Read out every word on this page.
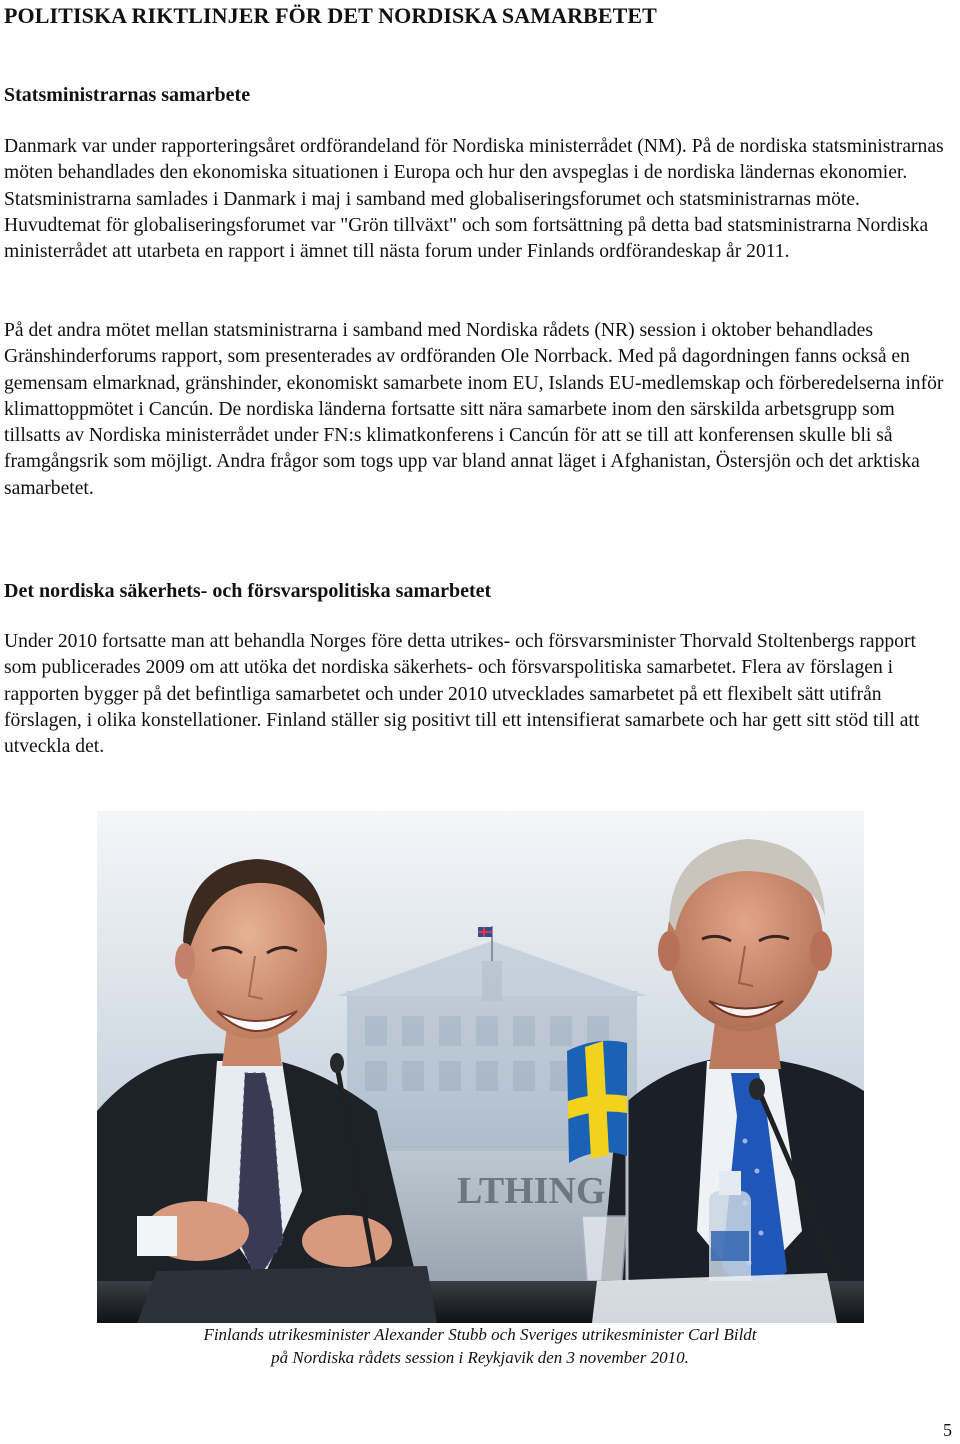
POLITISKA RIKTLINJER FÖR DET NORDISKA SAMARBETET
Statsministrarnas samarbete

Danmark var under rapporteringsåret ordförandeland för Nordiska ministerrådet (NM). På de nordiska statsministrarnas möten behandlades den ekonomiska situationen i Europa och hur den avspeglas i de nordiska ländernas ekonomier. Statsministrarna samlades i Danmark i maj i samband med globaliseringsforumet och statsministrarnas möte. Huvudtemat för globaliseringsforumet var "Grön tillväxt" och som fortsättning på detta bad statsministrarna Nordiska ministerrådet att utarbeta en rapport i ämnet till nästa forum under Finlands ordförandeskap år 2011.

På det andra mötet mellan statsministrarna i samband med Nordiska rådets (NR) session i oktober behandlades Gränshinderforums rapport, som presenterades av ordföranden Ole Norrback. Med på dagordningen fanns också en gemensam elmarknad, gränshinder, ekonomiskt samarbete inom EU, Islands EU-medlemskap och förberedelserna inför klimattoppmötet i Cancún. De nordiska länderna fortsatte sitt nära samarbete inom den särskilda arbetsgrupp som tillsatts av Nordiska ministerrådet under FN:s klimatkonferens i Cancún för att se till att konferensen skulle bli så framgångsrik som möjligt. Andra frågor som togs upp var bland annat läget i Afghanistan, Östersjön och det arktiska samarbetet.

Det nordiska säkerhets- och försvarspolitiska samarbetet

Under 2010 fortsatte man att behandla Norges före detta utrikes- och försvarsminister Thorvald Stoltenbergs rapport som publicerades 2009 om att utöka det nordiska säkerhets- och försvarspolitiska samarbetet. Flera av förslagen i rapporten bygger på det befintliga samarbetet och under 2010 utvecklades samarbetet på ett flexibelt sätt utifrån förslagen, i olika konstellationer. Finland ställer sig positivt till ett intensifierat samarbete och har gett sitt stöd till att utveckla det.

LTHING
Finlands utrikesminister Alexander Stubb och Sveriges utrikesminister Carl Bildt
på Nordiska rådets session i Reykjavik den 3 november 2010.
5
